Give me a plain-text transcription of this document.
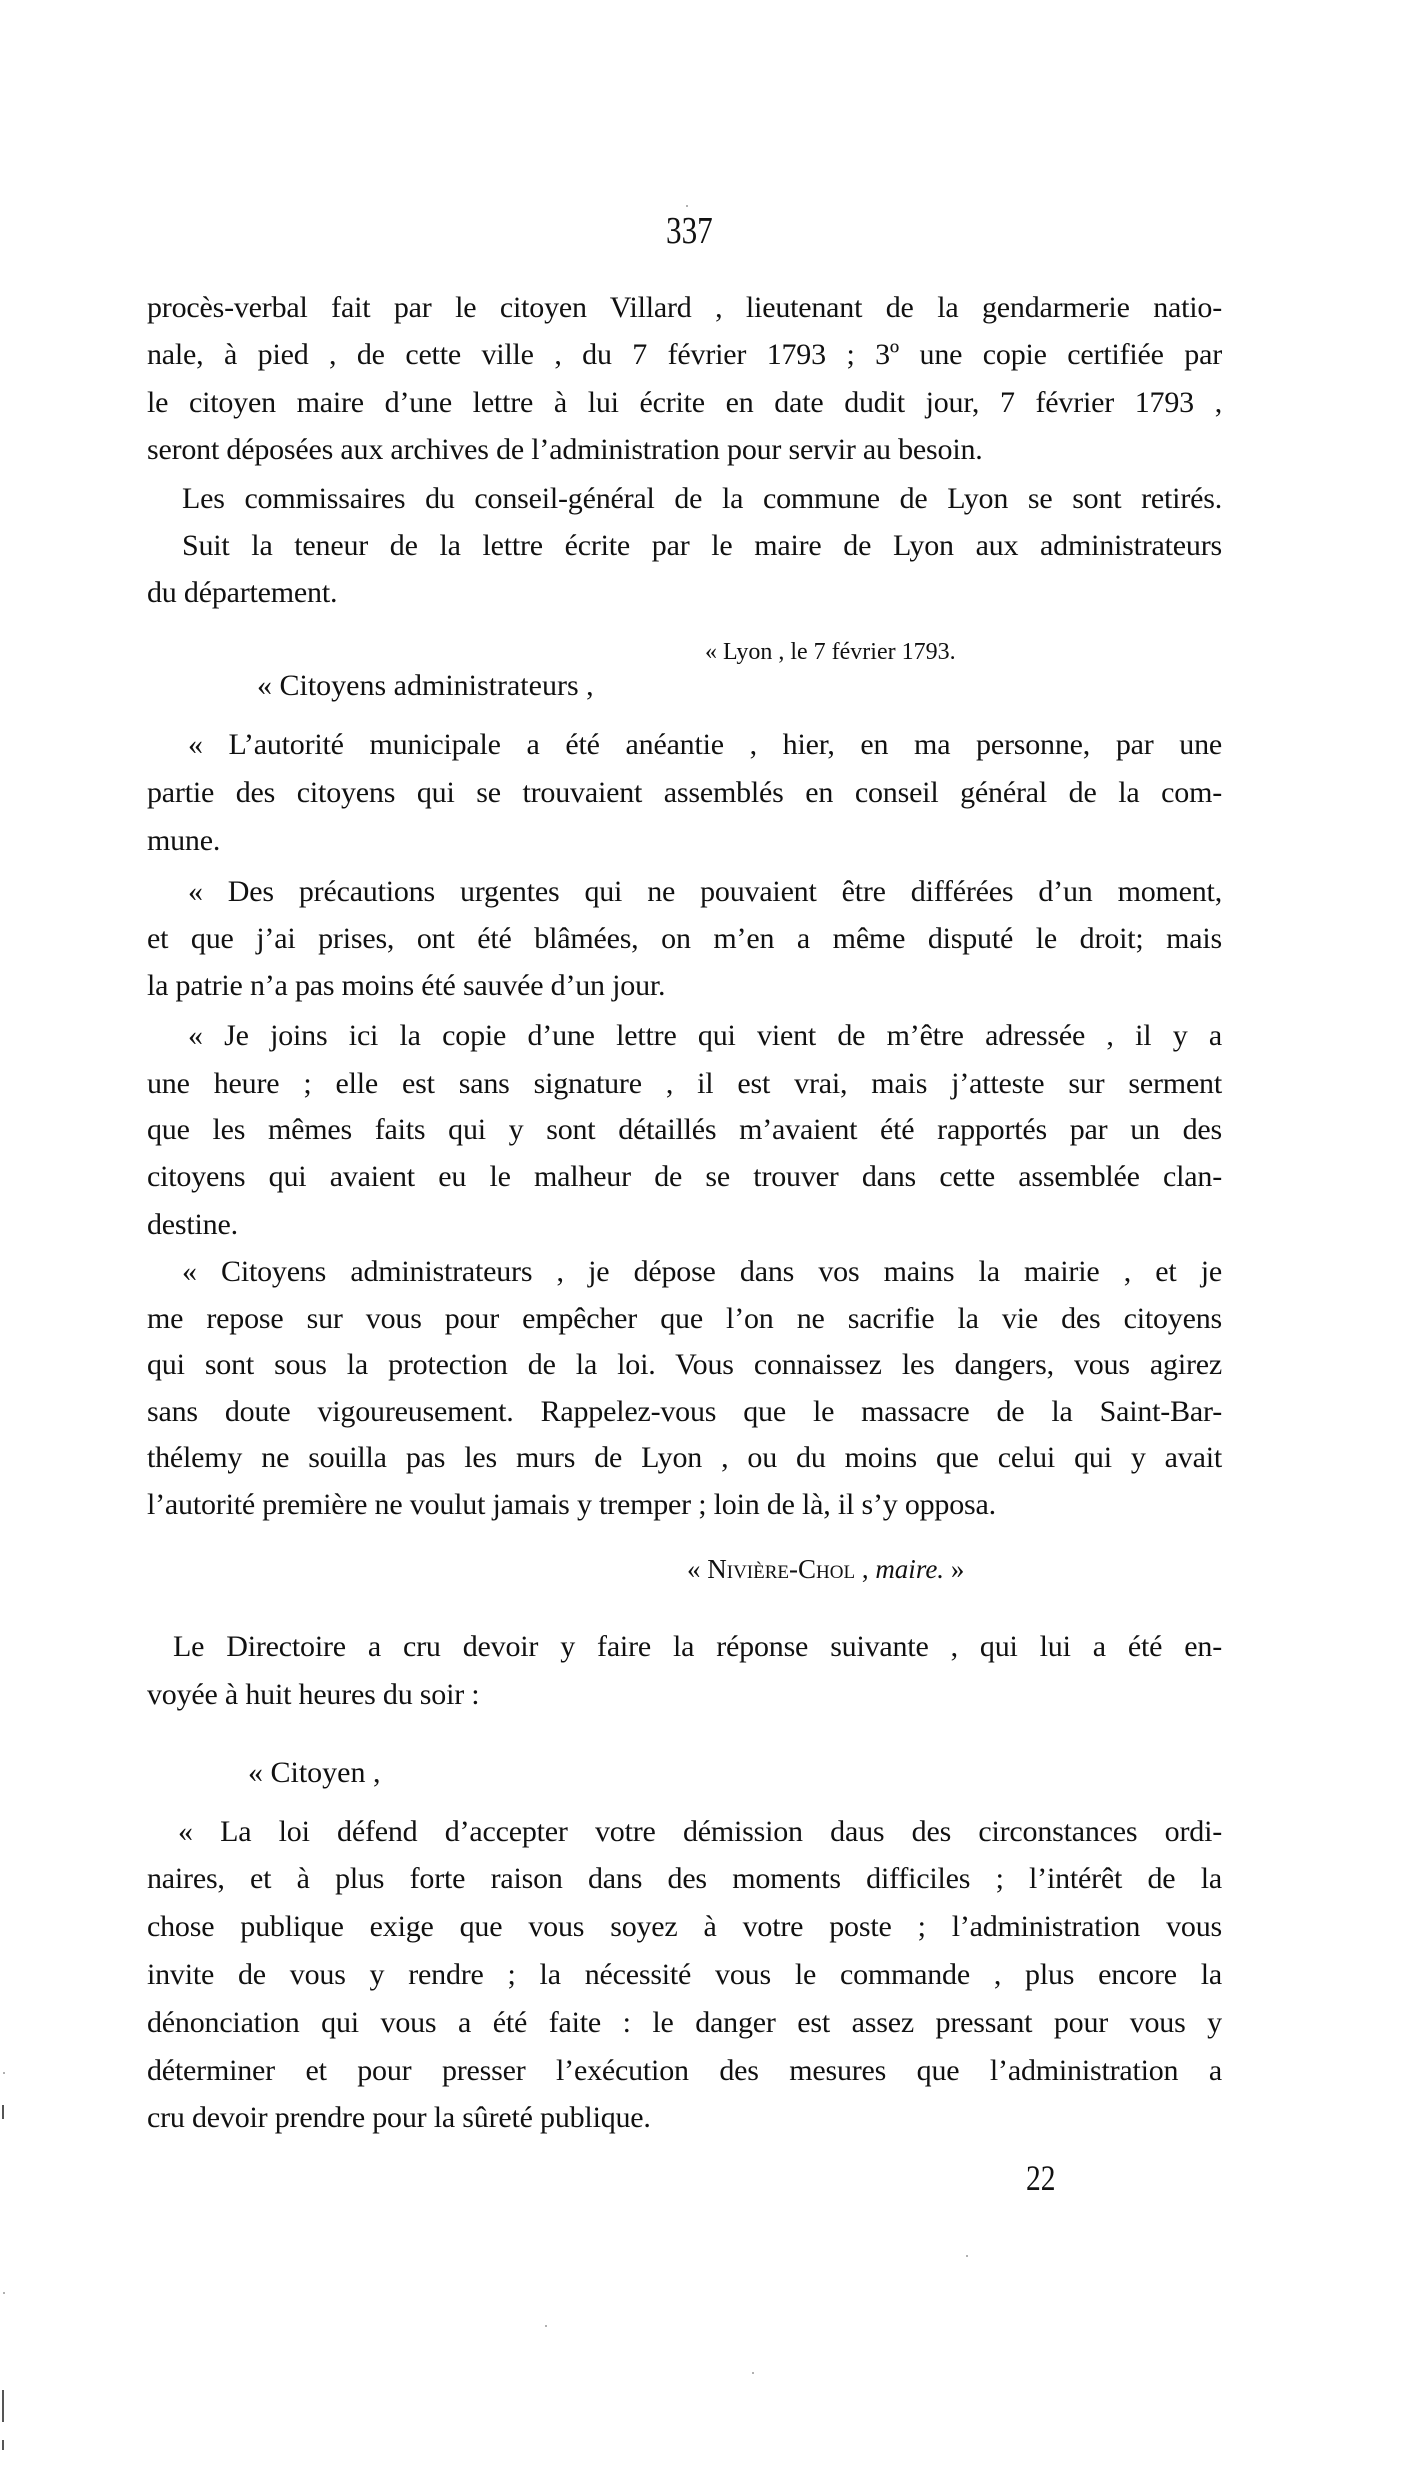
337
procès-verbal fait par le citoyen Villard , lieutenant de la gendarmerie natio-
nale, à pied , de cette ville , du 7 février 1793 ; 3º une copie certifiée par
le citoyen maire d’une lettre à lui écrite en date dudit jour, 7 février 1793 ,
seront déposées aux archives de l’administration pour servir au besoin.
Les commissaires du conseil-général de la commune de Lyon se sont retirés.
Suit la teneur de la lettre écrite par le maire de Lyon aux administrateurs
du département.
« Lyon , le 7 février 1793.
« Citoyens administrateurs ,
« L’autorité municipale a été anéantie , hier, en ma personne, par une
partie des citoyens qui se trouvaient assemblés en conseil général de la com-
mune.
« Des précautions urgentes qui ne pouvaient être différées d’un moment,
et que j’ai prises, ont été blâmées, on m’en a même disputé le droit; mais
la patrie n’a pas moins été sauvée d’un jour.
« Je joins ici la copie d’une lettre qui vient de m’être adressée , il y a
une heure ; elle est sans signature , il est vrai, mais j’atteste sur serment
que les mêmes faits qui y sont détaillés m’avaient été rapportés par un des
citoyens qui avaient eu le malheur de se trouver dans cette assemblée clan-
destine.
« Citoyens administrateurs , je dépose dans vos mains la mairie , et je
me repose sur vous pour empêcher que l’on ne sacrifie la vie des citoyens
qui sont sous la protection de la loi. Vous connaissez les dangers, vous agirez
sans doute vigoureusement. Rappelez-vous que le massacre de la Saint-Bar-
thélemy ne souilla pas les murs de Lyon , ou du moins que celui qui y avait
l’autorité première ne voulut jamais y tremper ; loin de là, il s’y opposa.
« Nivière-Chol , maire. »
Le Directoire a cru devoir y faire la réponse suivante , qui lui a été en-
voyée à huit heures du soir :
« Citoyen ,
« La loi défend d’accepter votre démission daus des circonstances ordi-
naires, et à plus forte raison dans des moments difficiles ; l’intérêt de la
chose publique exige que vous soyez à votre poste ; l’administration vous
invite de vous y rendre ; la nécessité vous le commande , plus encore la
dénonciation qui vous a été faite : le danger est assez pressant pour vous y
déterminer et pour presser l’exécution des mesures que l’administration a
cru devoir prendre pour la sûreté publique.
22
